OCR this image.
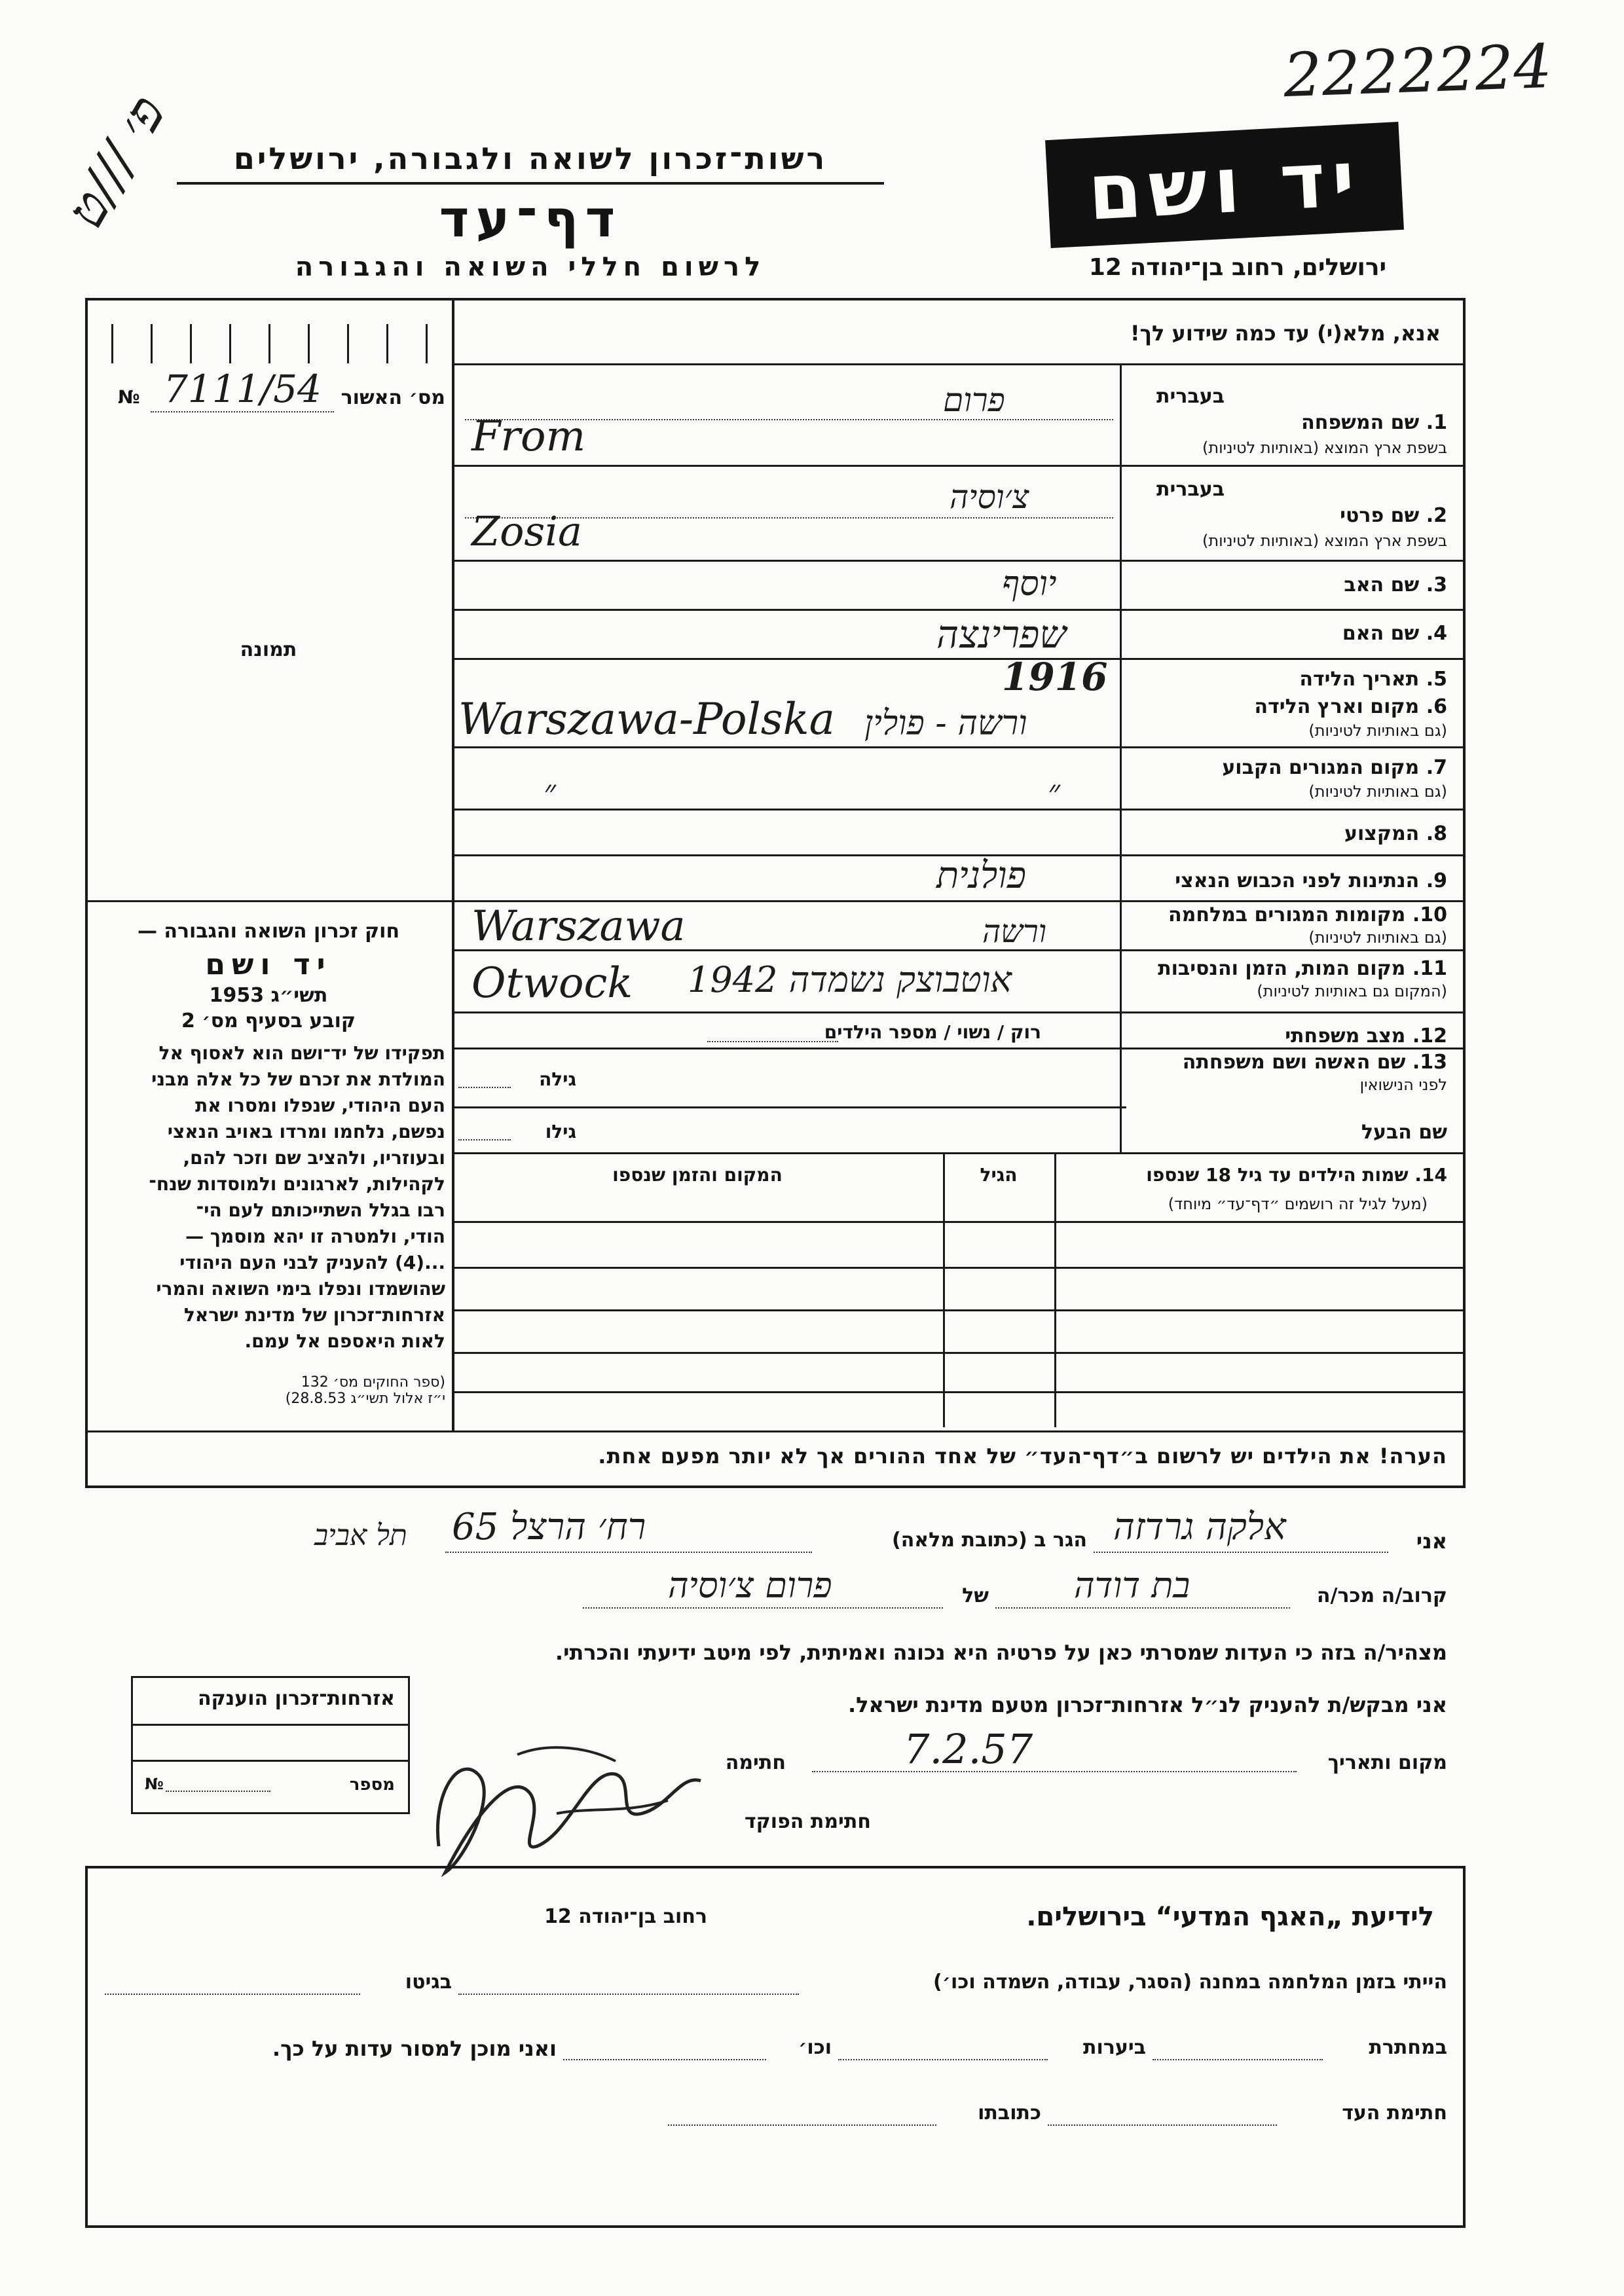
2222224
פ׳ ///ט	יד ושם
רשות־זכרון לשואה ולגבורה, ירושלים
דף־עד
לרשום חללי השואה והגבורה	ירושלים, רחוב בן־יהודה 12
אנא, מלא(י) עד כמה שידוע לך!
№ 7111/54 מס׳ האשור
תמונה
בעברית
1. שם המשפחה
בשפת ארץ המוצא (באותיות לטיניות)
פרום
From
בעברית
2. שם פרטי
בשפת ארץ המוצא (באותיות לטיניות)
צ׳וסיה
Zosia
3. שם האב
יוסף
4. שם האם
שפרינצה
5. תאריך הלידה
1916
6. מקום וארץ הלידה
(גם באותיות לטיניות)
Warszawa-Polska ורשה - פולין
7. מקום המגורים הקבוע
(גם באותיות לטיניות)
״	״
8. המקצוע
9. הנתינות לפני הכבוש הנאצי
פולנית
10. מקומות המגורים במלחמה
(גם באותיות לטיניות)
Warszawa	ורשה
11. מקום המות, הזמן והנסיבות
(המקום גם באותיות לטיניות)
Otwock 1942 אוטבוצק נשמדה
12. מצב משפחתי
רוק / נשוי / מספר הילדים
13. שם האשה ושם משפחתה
לפני הנישואין
גילה
שם הבעל
גילו
14. שמות הילדים עד גיל 18 שנספו
(מעל לגיל זה רושמים ״דף־עד״ מיוחד)
הגיל
המקום והזמן שנספו
חוק זכרון השואה והגבורה —
יד ושם
תשי״ג 1953
קובע בסעיף מס׳ 2
תפקידו של יד־ושם הוא לאסוף אל
המולדת את זכרם של כל אלה מבני
העם היהודי, שנפלו ומסרו את
נפשם, נלחמו ומרדו באויב הנאצי
ובעוזריו, ולהציב שם וזכר להם,
לקהילות, לארגונים ולמוסדות שנח־
רבו בגלל השתייכותם לעם הי־
הודי, ולמטרה זו יהא מוסמך —
...(4) להעניק לבני העם היהודי
שהושמדו ונפלו בימי השואה והמרי
אזרחות־זכרון של מדינת ישראל
לאות היאספם אל עמם.
(ספר החוקים מס׳ 132
י״ז אלול תשי״ג 28.8.53)
הערה! את הילדים יש לרשום ב״דף־העד״ של אחד ההורים אך לא יותר מפעם אחת.
אני
אלקה גרדזה
הגר ב (כתובת מלאה)
רח׳ הרצל 65
תל אביב
קרוב/ה מכר/ה
בת דודה
של
פרום צ׳וסיה
מצהיר/ה בזה כי העדות שמסרתי כאן על פרטיה היא נכונה ואמיתית, לפי מיטב ידיעתי והכרתי.
אני מבקש/ת להעניק לנ״ל אזרחות־זכרון מטעם מדינת ישראל.
מקום ותאריך
7.2.57
חתימה
חתימת הפוקד
אזרחות־זכרון הוענקה
מספר
№
לידיעת „האגף המדעי“ בירושלים.
רחוב בן־יהודה 12
הייתי בזמן המלחמה במחנה (הסגר, עבודה, השמדה וכו׳)
בגיטו
במחתרת
ביערות
וכו׳
ואני מוכן למסור עדות על כך.
חתימת העד
כתובתו
